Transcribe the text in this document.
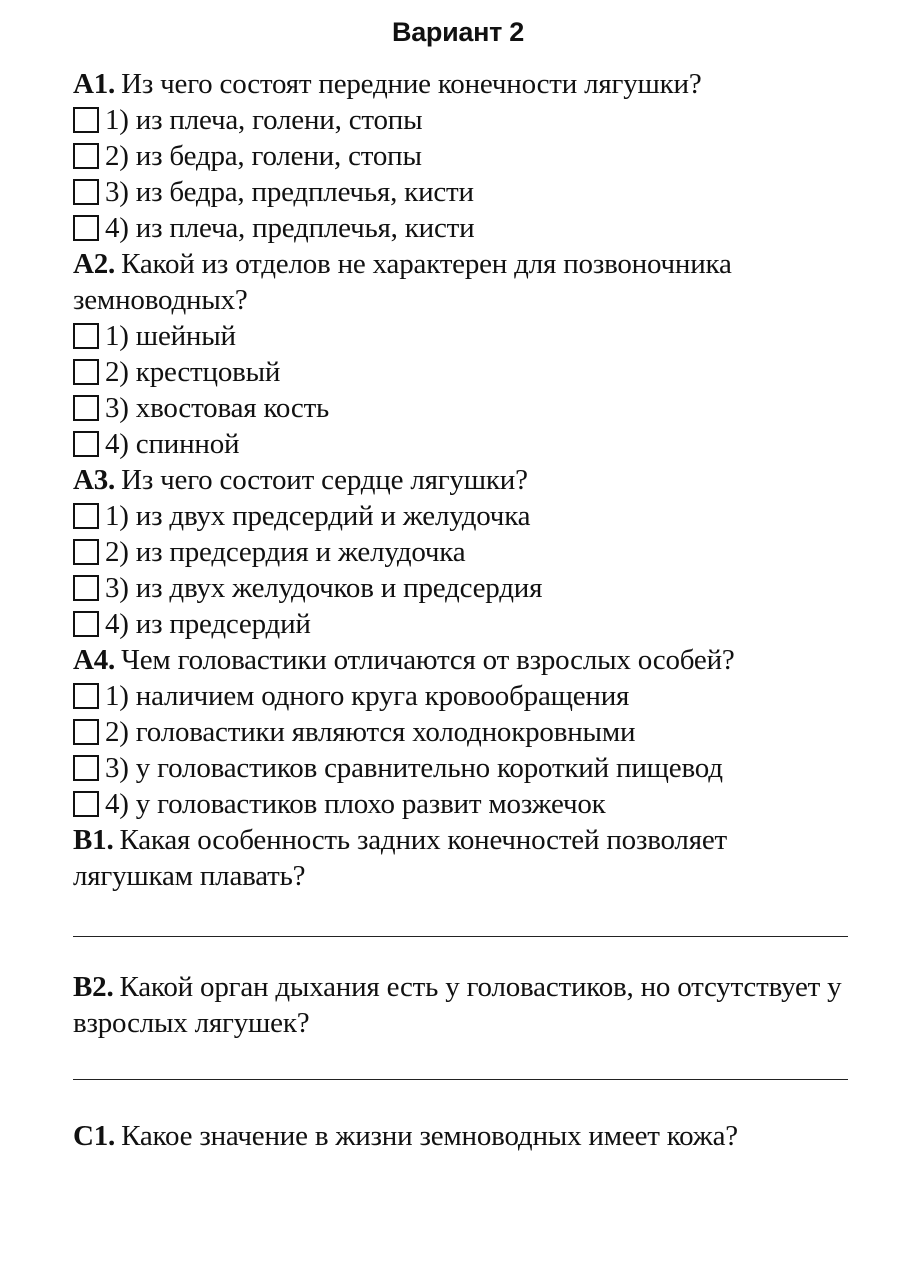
Вариант 2

А1. Из чего состоят передние конечности лягушки?

1) из плеча, голени, стопы
2) из бедра, голени, стопы
3) из бедра, предплечья, кисти
4) из плеча, предплечья, кисти

А2. Какой из отделов не характерен для позвоночника земноводных?

1) шейный
2) крестцовый
3) хвостовая кость
4) спинной

А3. Из чего состоит сердце лягушки?

1) из двух предсердий и желудочка
2) из предсердия и желудочка
3) из двух желудочков и предсердия
4) из предсердий

А4. Чем головастики отличаются от взрослых особей?

1) наличием одного круга кровообращения
2) головастики являются холоднокровными
3) у головастиков сравнительно короткий пищевод
4) у головастиков плохо развит мозжечок

В1. Какая особенность задних конечностей позволяет лягушкам плавать?

В2. Какой орган дыхания есть у головастиков, но отсутствует у взрослых лягушек?

С1. Какое значение в жизни земноводных имеет кожа?
